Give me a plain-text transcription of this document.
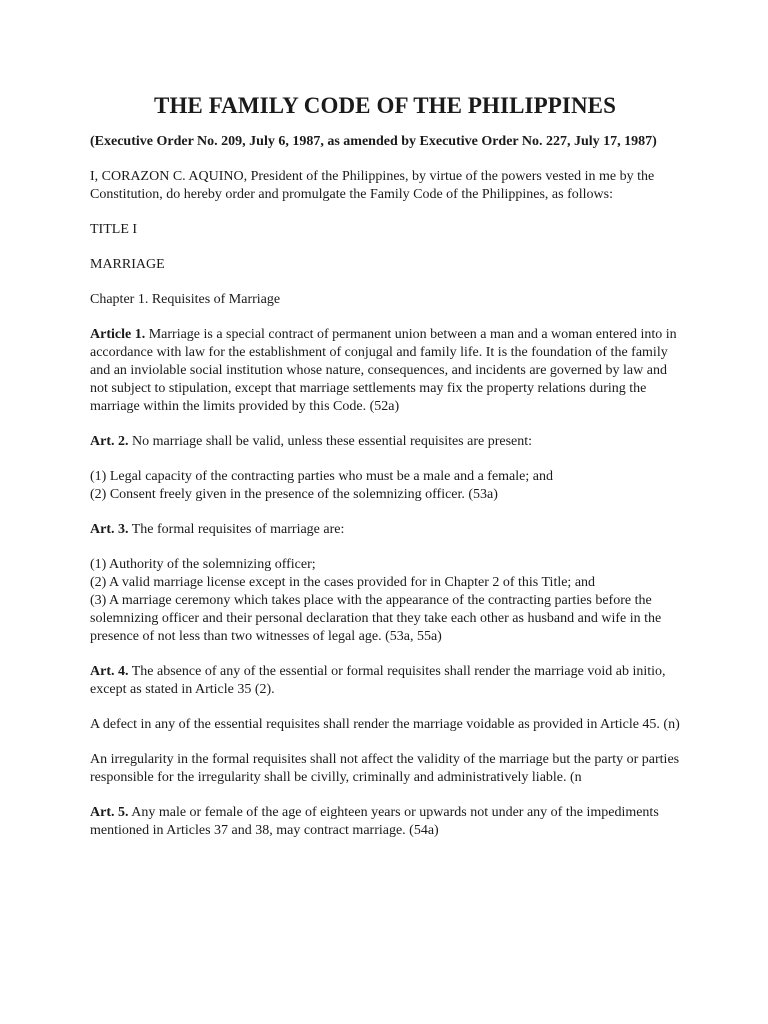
THE FAMILY CODE OF THE PHILIPPINES

(Executive Order No. 209, July 6, 1987, as amended by Executive Order No. 227, July 17, 1987)

I, CORAZON C. AQUINO, President of the Philippines, by virtue of the powers vested in me by the Constitution, do hereby order and promulgate the Family Code of the Philippines, as follows:

TITLE I

MARRIAGE

Chapter 1. Requisites of Marriage

Article 1. Marriage is a special contract of permanent union between a man and a woman entered into in accordance with law for the establishment of conjugal and family life. It is the foundation of the family and an inviolable social institution whose nature, consequences, and incidents are governed by law and not subject to stipulation, except that marriage settlements may fix the property relations during the marriage within the limits provided by this Code. (52a)

Art. 2. No marriage shall be valid, unless these essential requisites are present:

(1) Legal capacity of the contracting parties who must be a male and a female; and
(2) Consent freely given in the presence of the solemnizing officer. (53a)

Art. 3. The formal requisites of marriage are:

(1) Authority of the solemnizing officer;
(2) A valid marriage license except in the cases provided for in Chapter 2 of this Title; and
(3) A marriage ceremony which takes place with the appearance of the contracting parties before the solemnizing officer and their personal declaration that they take each other as husband and wife in the presence of not less than two witnesses of legal age. (53a, 55a)

Art. 4. The absence of any of the essential or formal requisites shall render the marriage void ab initio, except as stated in Article 35 (2).

A defect in any of the essential requisites shall render the marriage voidable as provided in Article 45. (n)

An irregularity in the formal requisites shall not affect the validity of the marriage but the party or parties responsible for the irregularity shall be civilly, criminally and administratively liable. (n

Art. 5. Any male or female of the age of eighteen years or upwards not under any of the impediments mentioned in Articles 37 and 38, may contract marriage. (54a)
